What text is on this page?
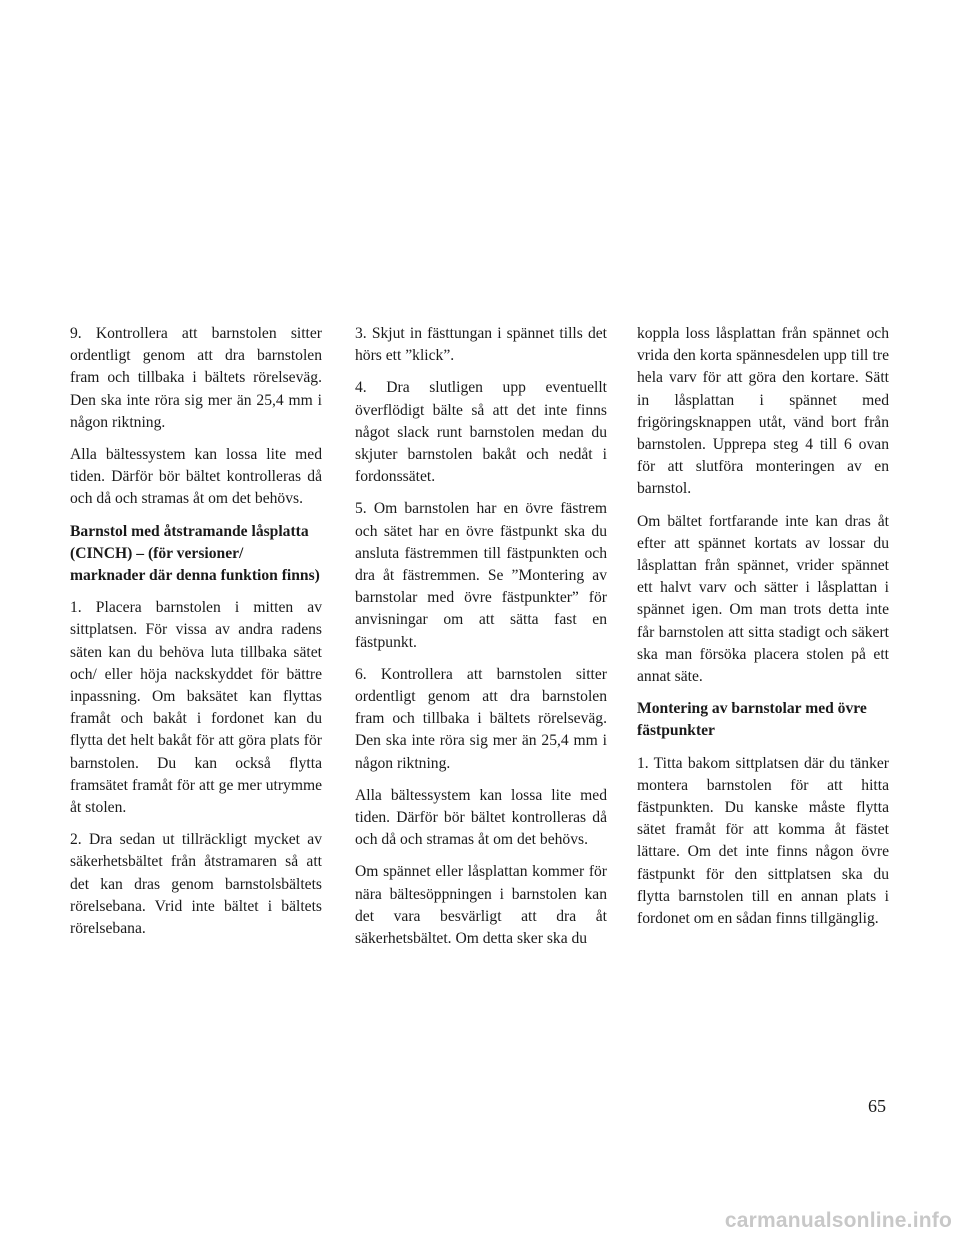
9. Kontrollera att barnstolen sitter ordentligt genom att dra barnstolen fram och tillbaka i bältets rörelseväg. Den ska inte röra sig mer än 25,4 mm i någon riktning.

Alla bältessystem kan lossa lite med tiden. Därför bör bältet kontrolleras då och då och stramas åt om det behövs.

Barnstol med åtstramande låsplatta (CINCH) – (för versioner/ marknader där denna funktion finns)

1. Placera barnstolen i mitten av sittplatsen. För vissa av andra radens säten kan du behöva luta tillbaka sätet och/ eller höja nackskyddet för bättre inpassning. Om baksätet kan flyttas framåt och bakåt i fordonet kan du flytta det helt bakåt för att göra plats för barnstolen. Du kan också flytta framsätet framåt för att ge mer utrymme åt stolen.

2. Dra sedan ut tillräckligt mycket av säkerhetsbältet från åtstramaren så att det kan dras genom barnstolsbältets rörelsebana. Vrid inte bältet i bältets rörelsebana.

3. Skjut in fästtungan i spännet tills det hörs ett ”klick”.

4. Dra slutligen upp eventuellt överflödigt bälte så att det inte finns något slack runt barnstolen medan du skjuter barnstolen bakåt och nedåt i fordonssätet.

5. Om barnstolen har en övre fästrem och sätet har en övre fästpunkt ska du ansluta fästremmen till fästpunkten och dra åt fästremmen. Se ”Montering av barnstolar med övre fästpunkter” för anvisningar om att sätta fast en fästpunkt.

6. Kontrollera att barnstolen sitter ordentligt genom att dra barnstolen fram och tillbaka i bältets rörelseväg. Den ska inte röra sig mer än 25,4 mm i någon riktning.

Alla bältessystem kan lossa lite med tiden. Därför bör bältet kontrolleras då och då och stramas åt om det behövs.

Om spännet eller låsplattan kommer för nära bältesöppningen i barnstolen kan det vara besvärligt att dra åt säkerhetsbältet. Om detta sker ska du

koppla loss låsplattan från spännet och vrida den korta spännesdelen upp till tre hela varv för att göra den kortare. Sätt in låsplattan i spännet med frigöringsknappen utåt, vänd bort från barnstolen. Upprepa steg 4 till 6 ovan för att slutföra monteringen av en barnstol.

Om bältet fortfarande inte kan dras åt efter att spännet kortats av lossar du låsplattan från spännet, vrider spännet ett halvt varv och sätter i låsplattan i spännet igen. Om man trots detta inte får barnstolen att sitta stadigt och säkert ska man försöka placera stolen på ett annat säte.

Montering av barnstolar med övre fästpunkter

1. Titta bakom sittplatsen där du tänker montera barnstolen för att hitta fästpunkten. Du kanske måste flytta sätet framåt för att komma åt fästet lättare. Om det inte finns någon övre fästpunkt för den sittplatsen ska du flytta barnstolen till en annan plats i fordonet om en sådan finns tillgänglig.

65
carmanualsonline.info
